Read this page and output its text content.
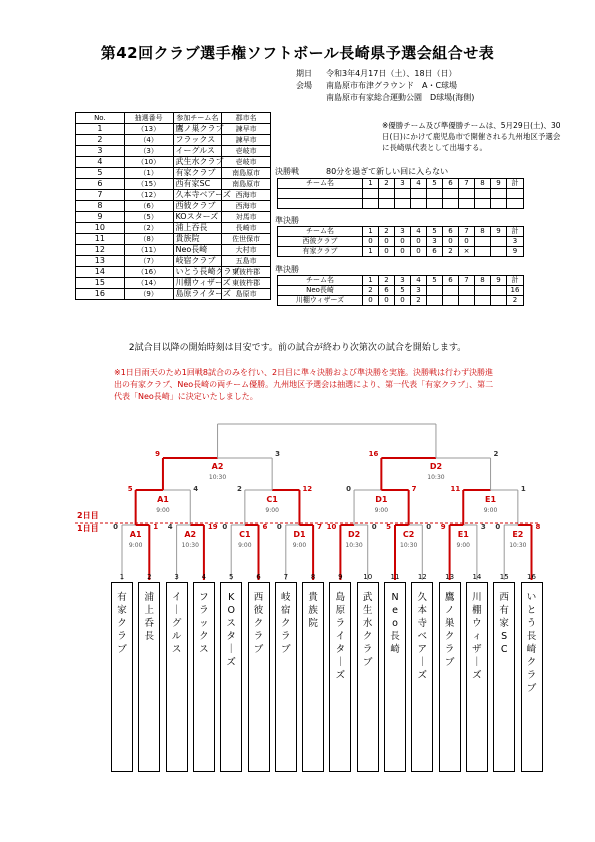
第42回クラブ選手権ソフトボール長崎県予選会組合せ表
期日 令和3年4月17日（土）、18日（日）
会場 南島原市布津グラウンド　A・C球場
南島原市有家総合運動公園　D球場(海側)
No.	抽選番号	参加チーム名	郡市名
1	（13）	鷹ノ巣クラブ	諫早市
2	（4）	フラックス	諫早市
3	（3）	イーグルス	壱岐市
4	（10）	武生水クラブ	壱岐市
5	（1）	有家クラブ	南島原市
6	（15）	西有家SC	南島原市
7	（12）	久本寺ベアーズ	西海市
8	（6）	西彼クラブ	西海市
9	（5）	KOスターズ	対馬市
10	（2）	浦上吞長	長崎市
11	（8）	貴族院	佐世保市
12	（11）	Neo長崎	大村市
13	（7）	岐宿クラブ	五島市
14	（16）	いとう長崎クラブ	東彼杵郡
15	（14）	川棚ウィザーズ	東彼杵郡
16	（9）	島原ライターズ	島原市
※優勝チーム及び準優勝チームは、5月29日(土)、30日(日)にかけて鹿児島市で開催される九州地区予選会に長崎県代表として出場する。
決勝戦	80分を過ぎて新しい回に入らない
チーム名	1	2	3	4	5	6	7	8	9	計

準決勝
チーム名	1	2	3	4	5	6	7	8	9	計
西彼クラブ	0	0	0	0	3	0	0			3
有家クラブ	1	0	0	0	6	2	×			9
準決勝
チーム名	1	2	3	4	5	6	7	8	9	計
Neo長崎	2	6	5	3						16
川棚ウィザーズ	0	0	0	2						2
2試合目以降の開始時刻は目安です。前の試合が終わり次第次の試合を開始します。
※1日目雨天のため1回戦8試合のみを行い、2日目に準々決勝および準決勝を実施。決勝戦は行わず決勝進出の有家クラブ、Neo長崎の両チーム優勝。九州地区予選会は抽選により、第一代表「有家クラブ」、第二代表「Neo長崎」に決定いたしました。
0	1
A1
9:00
4	19
A2
10:30
0	6
C1
9:00
0	7
D1
9:00
10	0
D2
10:30
5	0
C2
10:30
9	3
E1
9:00
0	8
E2
10:30
5	4
A1
9:00
2	12
C1
9:00
0	7
D1
9:00
11	1
E1
9:00
9	3
A2
10:30
16	2
D2
10:30
2日目
1日目
1	2	3	4	5	6	7	8	9	10	11	12	13	14	15	16
有
家
ク
ラ
ブ
浦
上
呑
長
イ
｜
グ
ル
ス
フ
ラ
ッ
ク
ス
K
O
ス
タ
｜
ズ
西
彼
ク
ラ
ブ
岐
宿
ク
ラ
ブ
貴
族
院
島
原
ラ
イ
タ
｜
ズ
武
生
水
ク
ラ
ブ
N
e
o
長
崎
久
本
寺
ベ
ア
｜
ズ
鷹
ノ
巣
ク
ラ
ブ
川
棚
ウ
ィ
ザ
｜
ズ
西
有
家
S
C
い
と
う
長
崎
ク
ラ
ブ
